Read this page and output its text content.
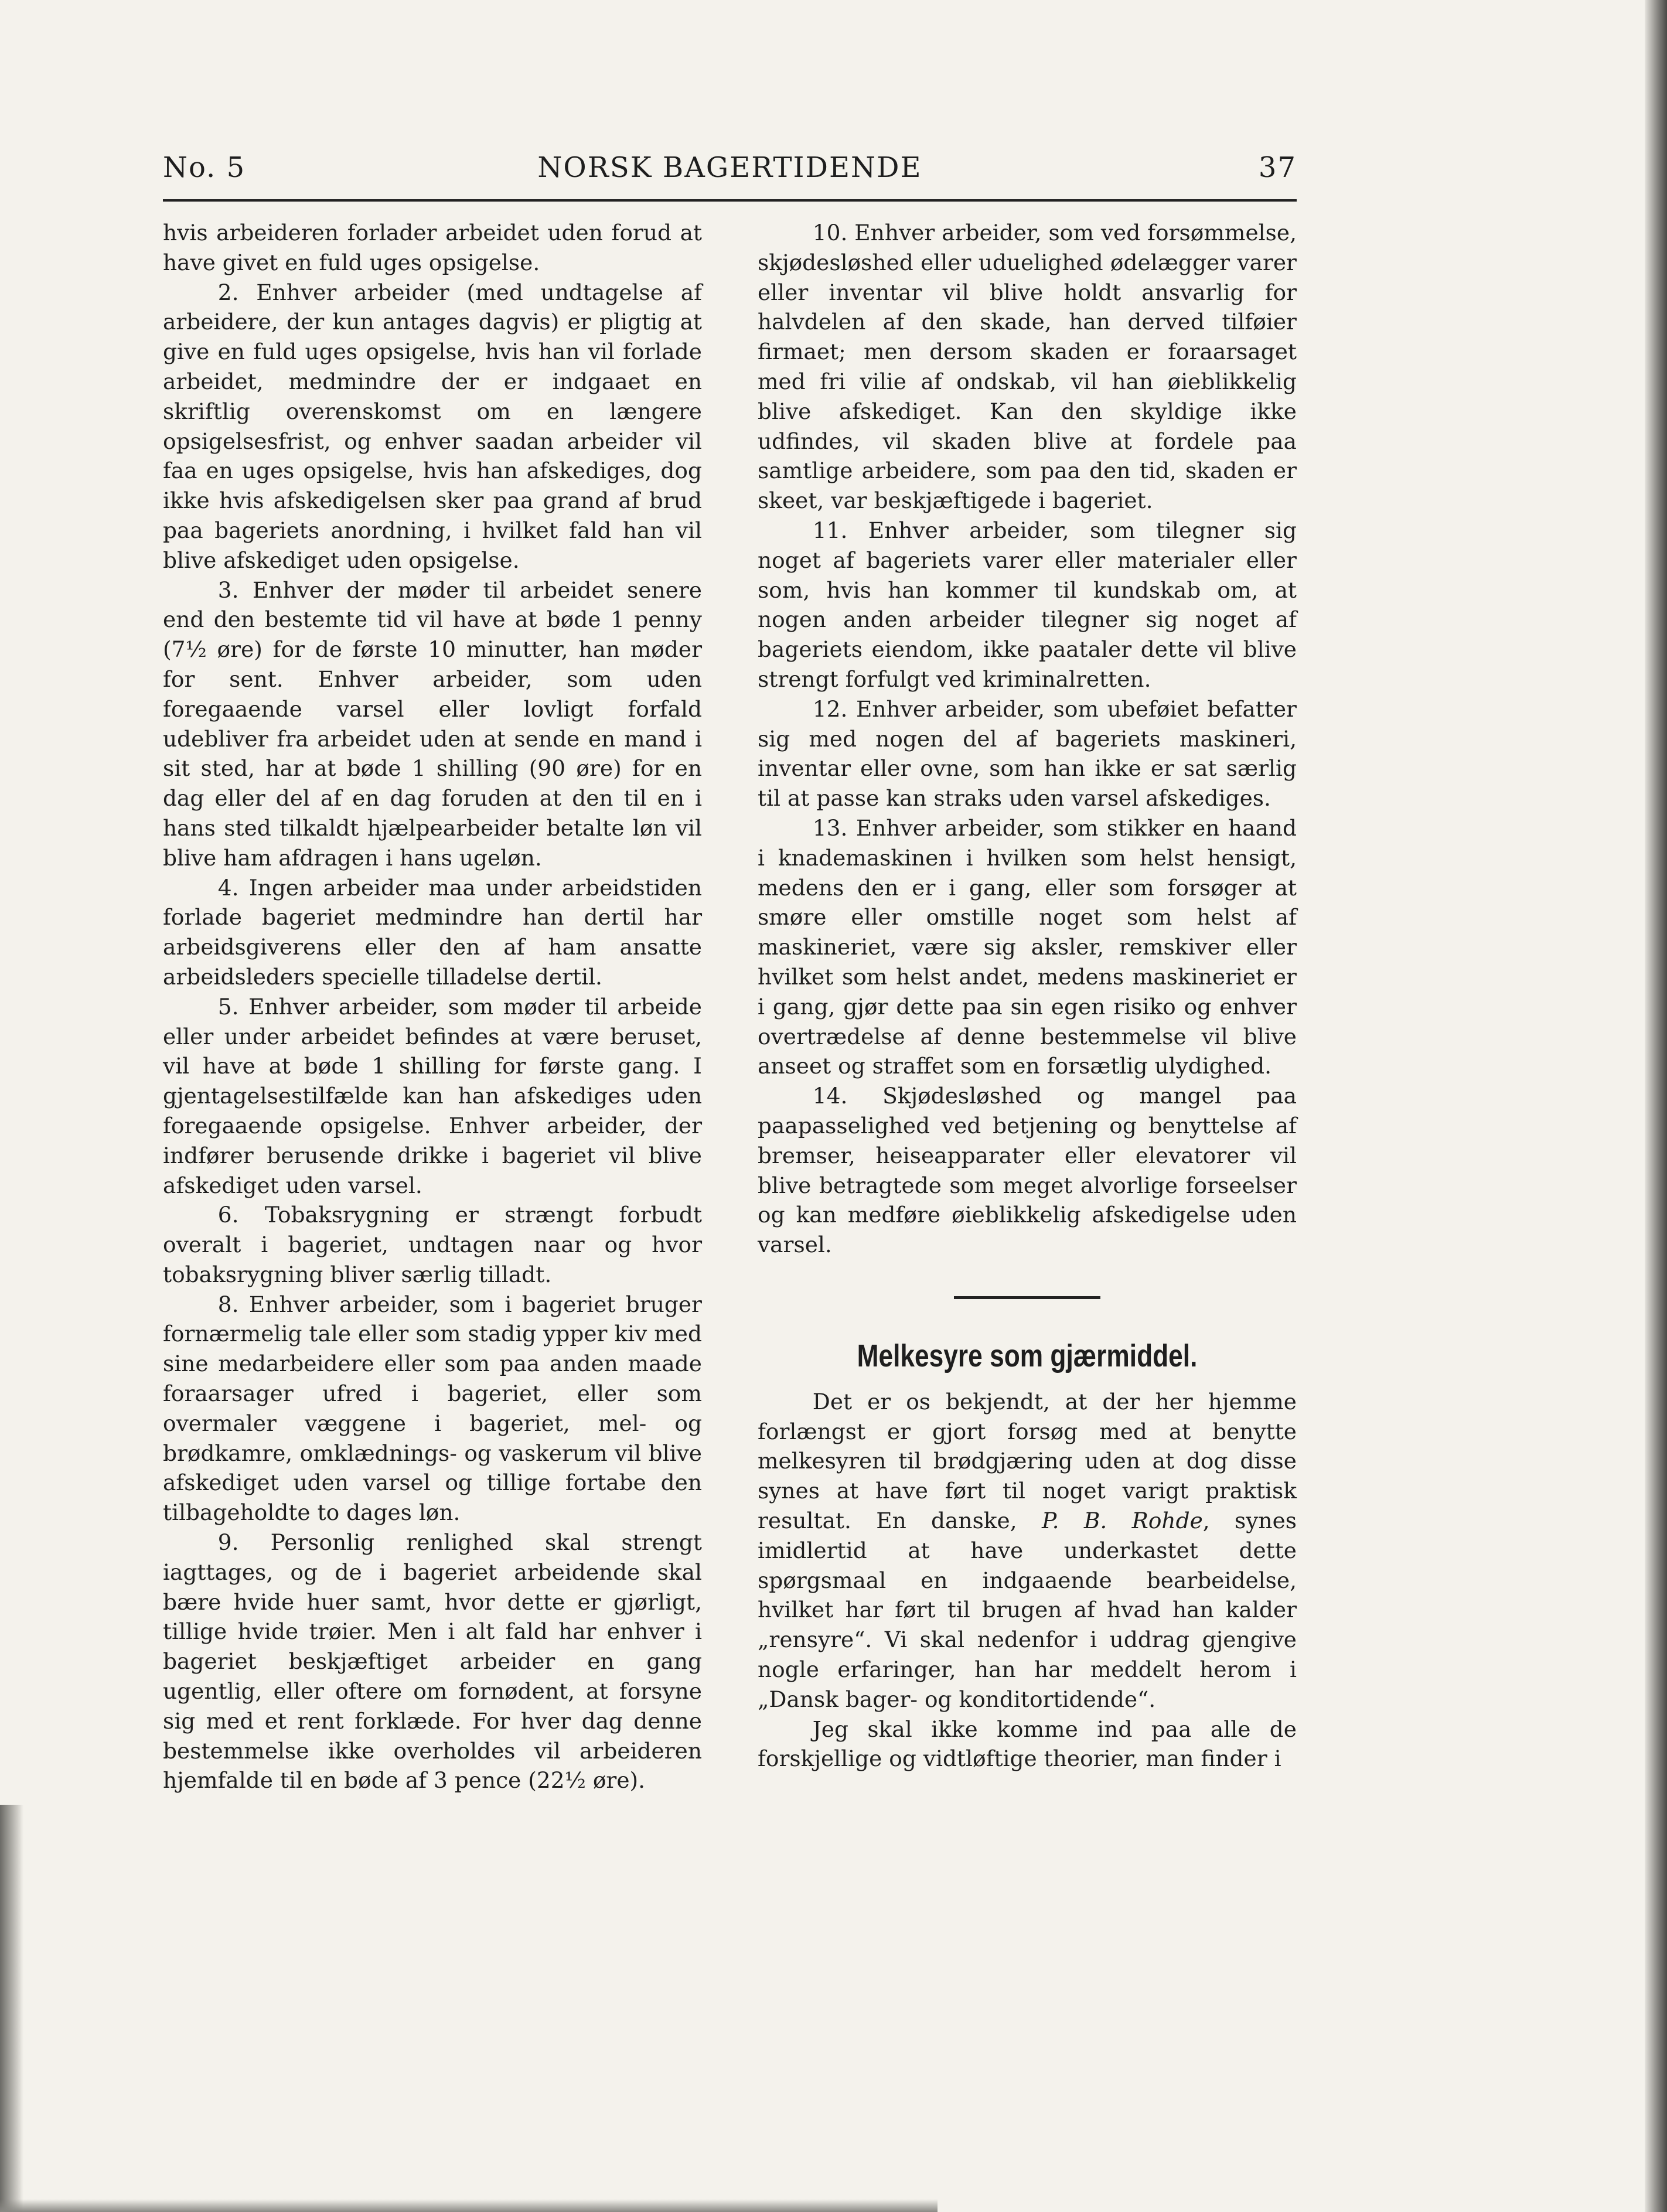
No. 5	NORSK BAGERTIDENDE	37

hvis arbeideren forlader arbeidet uden forud at have givet en fuld uges opsigelse.

2. Enhver arbeider (med undtagelse af arbeidere, der kun antages dagvis) er pligtig at give en fuld uges opsigelse, hvis han vil forlade arbeidet, medmindre der er indgaaet en skriftlig overenskomst om en længere opsigelsesfrist, og enhver saadan arbeider vil faa en uges opsigelse, hvis han afskediges, dog ikke hvis afskedigelsen sker paa grand af brud paa bageriets anordning, i hvilket fald han vil blive afskediget uden opsigelse.

3. Enhver der møder til arbeidet senere end den bestemte tid vil have at bøde 1 penny (7½ øre) for de første 10 minutter, han møder for sent. Enhver arbeider, som uden foregaaende varsel eller lovligt forfald udebliver fra arbeidet uden at sende en mand i sit sted, har at bøde 1 shilling (90 øre) for en dag eller del af en dag foruden at den til en i hans sted tilkaldt hjælpearbeider betalte løn vil blive ham afdragen i hans ugeløn.

4. Ingen arbeider maa under arbeidstiden forlade bageriet medmindre han dertil har arbeidsgiverens eller den af ham ansatte arbeidsleders specielle tilladelse dertil.

5. Enhver arbeider, som møder til arbeide eller under arbeidet befindes at være beruset, vil have at bøde 1 shilling for første gang. I gjentagelsestilfælde kan han afskediges uden foregaaende opsigelse. Enhver arbeider, der indfører berusende drikke i bageriet vil blive afskediget uden varsel.

6. Tobaksrygning er strængt forbudt overalt i bageriet, undtagen naar og hvor tobaksrygning bliver særlig tilladt.

8. Enhver arbeider, som i bageriet bruger fornærmelig tale eller som stadig ypper kiv med sine medarbeidere eller som paa anden maade foraarsager ufred i bageriet, eller som overmaler væggene i bageriet, mel- og brødkamre, omklædnings- og vaskerum vil blive afskediget uden varsel og tillige fortabe den tilbageholdte to dages løn.

9. Personlig renlighed skal strengt iagttages, og de i bageriet arbeidende skal bære hvide huer samt, hvor dette er gjørligt, tillige hvide trøier. Men i alt fald har enhver i bageriet beskjæftiget arbeider en gang ugentlig, eller oftere om fornødent, at forsyne sig med et rent forklæde. For hver dag denne bestemmelse ikke overholdes vil arbeideren hjemfalde til en bøde af 3 pence (22½ øre).

10. Enhver arbeider, som ved forsømmelse, skjødesløshed eller uduelighed ødelægger varer eller inventar vil blive holdt ansvarlig for halvdelen af den skade, han derved tilføier firmaet; men dersom skaden er foraarsaget med fri vilie af ondskab, vil han øieblikkelig blive afskediget. Kan den skyldige ikke udfindes, vil skaden blive at fordele paa samtlige arbeidere, som paa den tid, skaden er skeet, var beskjæftigede i bageriet.

11. Enhver arbeider, som tilegner sig noget af bageriets varer eller materialer eller som, hvis han kommer til kundskab om, at nogen anden arbeider tilegner sig noget af bageriets eiendom, ikke paataler dette vil blive strengt forfulgt ved kriminalretten.

12. Enhver arbeider, som ubeføiet befatter sig med nogen del af bageriets maskineri, inventar eller ovne, som han ikke er sat særlig til at passe kan straks uden varsel afskediges.

13. Enhver arbeider, som stikker en haand i knademaskinen i hvilken som helst hensigt, medens den er i gang, eller som forsøger at smøre eller omstille noget som helst af maskineriet, være sig aksler, remskiver eller hvilket som helst andet, medens maskineriet er i gang, gjør dette paa sin egen risiko og enhver overtrædelse af denne bestemmelse vil blive anseet og straffet som en forsætlig ulydighed.

14. Skjødesløshed og mangel paa paapasselighed ved betjening og benyttelse af bremser, heiseapparater eller elevatorer vil blive betragtede som meget alvorlige forseelser og kan medføre øieblikkelig afskedigelse uden varsel.

Melkesyre som gjærmiddel.

Det er os bekjendt, at der her hjemme forlængst er gjort forsøg med at benytte melkesyren til brødgjæring uden at dog disse synes at have ført til noget varigt praktisk resultat. En danske, P. B. Rohde, synes imidlertid at have underkastet dette spørgsmaal en indgaaende bearbeidelse, hvilket har ført til brugen af hvad han kalder „rensyre“. Vi skal nedenfor i uddrag gjengive nogle erfaringer, han har meddelt herom i „Dansk bager- og konditortidende“.

Jeg skal ikke komme ind paa alle de forskjellige og vidtløftige theorier, man finder i
